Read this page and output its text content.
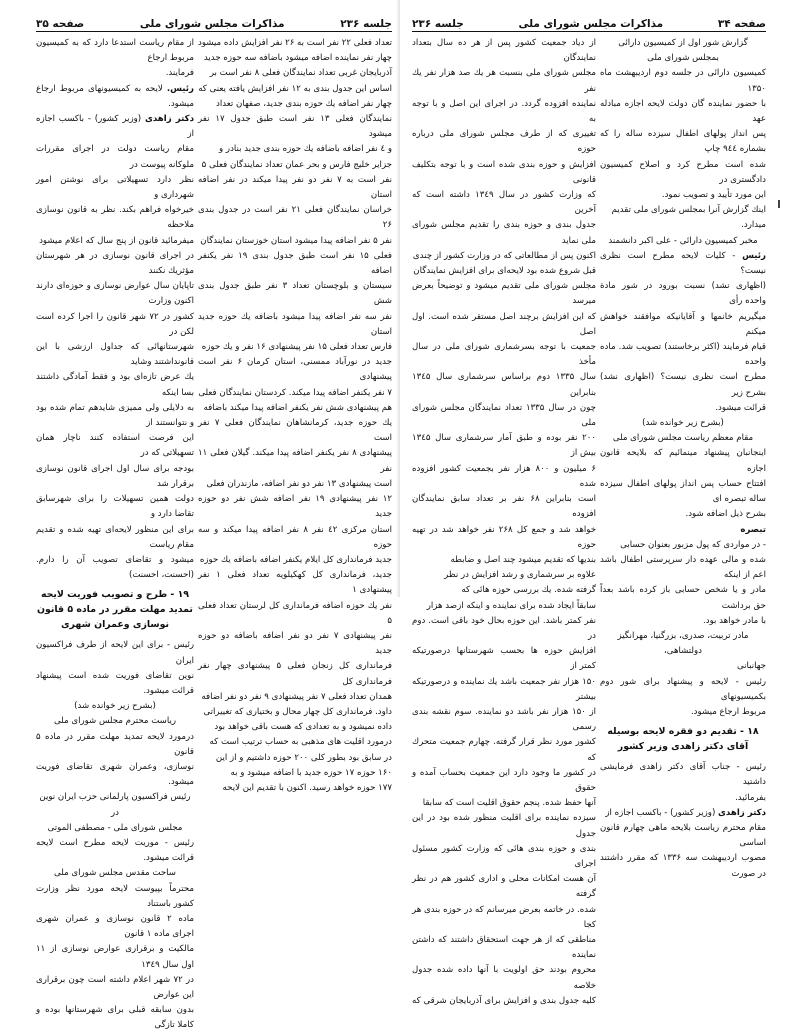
جلسه ۲۳۶
مذاکرات مجلس شورای ملی
صفحه ۳۵

تعداد فعلی ۲۲ نفر است به ۲۶ نفر افزایش داده میشود

چهار نفر نماینده اضافه میشود باضافه سه حوزه جدید

آذربایجان غربی تعداد نمایندگان فعلی ۸ نفر است بر

اساس این جدول بندی به ۱۲ نفر افزایش یافته یعنی که

چهار نفر اضافه یك حوزه بندی جدید، صفهان تعداد

نمایندگان فعلی ۱۳ نفر است طبق جدول ۱۷ نفر میشود

و ٤ نفر اضافه باضافه یك حوزه بندی جدید بنادر و

جزایر خلیج فارس و بحر عمان تعداد نمایندگان فعلی ۵

نفر است به ۷ نفر دو نفر پیدا میکند در نفر اضافه استان

خراسان نمایندگان فعلی ۲۱ نفر است در جدول بندی ۲۶

نفر ۵ نفر اضافه پیدا میشود استان خوزستان نمایندگان

فعلی ۱۵ نفر است طبق جدول بندی ۱۹ نفر یکنفر اضافه

سیستان و بلوچستان تعداد ۳ نفر طبق جدول بندی شش

نفر سه نفر اضافه پیدا میشود باضافه یك حوزه جدید استان

فارس تعداد فعلی ۱۵ نفر پیشنهادی ۱۶ نفر و یك حوزه

جدید در نورآباد ممسنی، استان کرمان ۶ نفر است پیشنهادی

۷ نفر یکنفر اضافه پیدا میکند. کردستان نمایندگان فعلی

هم پیشنهادی شش نفر یکنفر اضافه پیدا میکند باضافه

یك حوزه جدید، کرمانشاهان نمایندگان فعلی ۷ نفر است

پیشنهادی ۸ نفر یکنفر اضافه پیدا میکند. گیلان فعلی ۱۱ نفر

است پیشنهادی ۱۳ نفر دو نفر اضافه، مازندران فعلی

۱۲ نفر پیشنهادی ۱۹ نفر اضافه شش نفر دو حوزه جدید

استان مرکزی ٤۲ نفر ۸ نفر اضافه پیدا میکند و سه حوزه

جدید فرمانداری کل ایلام یکنفر اضافه باضافه یك حوزه

جدید، فرمانداری کل کهکیلویه تعداد فعلی ۱ نفر پیشنهادی ۱

نفر یك حوزه اضافه فرمانداری کل لرستان تعداد فعلی ۵

نفر پیشنهادی ۷ نفر دو نفر اضافه باضافه دو حوزه جدید

فرمانداری کل زنجان فعلی ۵ پیشنهادی چهار نفر فرمانداری کل

همدان تعداد فعلی ۷ نفر پیشنهادی ۹ نفر دو نفر اضافه

داود. فرمانداری کل چهار محال و بختیاری که تغییراتی

داده نمیشود و به تعدادی که هست باقی خواهد بود

درمورد اقلیت های مذهبی به حساب ترتیب است که

در سابق بود بطور کلی ۲۰۰ حوزه داشتیم و از این

۱۶۰ حوزه ۱۷ حوزه جدید با اضافه میشود و به

۱۷۷ حوزه خواهد رسید. اکنون با تقدیم این لایحه

از مقام ریاست استدعا دارد که به کمیسیون مربوط ارجاع

فرمایند.

رئیس. لایحه به کمیسیونهای مربوط ارجاع میشود.

دکتر زاهدی (وزیر کشور) - باکسب اجازه از

مقام ریاست دولت در اجرای مقررات ملوکانه پیوست در

نظر دارد تسهیلاتی برای نوشتن امور شهرداری و

خیرخواه فراهم بکند. نظر به قانون نوسازی ملاحظه

میفرمائید قانون از پنج سال که اعلام میشود

در اجرای قانون نوسازی در هر شهرستان مؤثریك نکنند

تاپایان سال عوارض نوسازی و حوزه‌ای دارند اکنون وزارت

کشور در ۷۲ شهر قانون را اجرا کرده است لکن در

شهرستانهائی که جداول ارزشی با این قانونداشتند وشاید

یك عرض تازه‌ای بود و فقط آمادگی داشتند بسا اینکه

به دلایلی ولی ممیزی شایدهم تمام شده بود و نتوانستند از

این فرصت استفاده کنند ناچار همان تسهیلاتی که در

بودجه برای سال اول اجرای قانون نوسازی برقرار شد

دولت همین تسهیلات را برای شهرسابق تقاضا دارد و

برای این منظور لایحه‌ای تهیه شده و تقدیم مقام ریاست

میشود و تقاضای تصویب آن را دارم. (احسنت، احسنت)

۱۹ - طرح و تصویب فوریت لایحه تمدید مهلت مقرر در ماده ۵ قانون نوسازی وعمران شهری

رئیس - برای این لایحه از طرف فراکسیون ایران

نوین تقاضای فوریت شده است پیشنهاد قرائت میشود.

(بشرح زیر خوانده شد)

ریاست محترم مجلس شورای ملی

درمورد لایحه تمدید مهلت مقرر در ماده ۵ قانون

نوسازی، وعمران شهری تقاضای فوریت میشود.

رئیس فراکسیون پارلمانی حزب ایران نوین در

مجلس شورای ملی - مصطفی الموتی

رئیس - موریت لایحه مطرح است لایحه قرائت میشود.

ساحت مقدس مجلس شورای ملی

محترماً بپیوست لایحه مورد نظر وزارت کشور باستناد

ماده ۲ قانون نوسازی و عمران شهری اجرای ماده ۱ قانون

مالکیت و برقراری عوارض نوسازی از ۱۱ اول سال ۱۳٤۹

در ۷۲ شهر اعلام داشته است چون برقراری این عوارض

بدون سابقه قبلی برای شهرستانها بوده و کاملا تازگی

صفحه ۳۴
مذاکرات مجلس شورای ملی
جلسه ۲۳۶

از دیاد جمعیت کشور پس از هر ده سال بتعداد نمایندگان

مجلس شورای ملی بنسبت هر یك صد هزار نفر یك نفر

نماینده افزوده گردد. در اجرای این اصل و با توجه به

تغییری که از طرف مجلس شورای ملی درباره حوزه

افزایش و حوزه بندی شده است و با توجه بتکلیف قانونی

که وزارت کشور در سال ۱۳٤۹ داشته است که آخرین

جدول بندی و حوزه بندی را تقدیم مجلس شورای ملی نماید

اکنون پس از مطالعاتی که در وزارت کشور از چندی

قبل شروع شده بود لایحه‌ای برای افزایش نمایندگان

مجلس شورای ملی تقدیم میشود و توضیحاً بعرض میرسد

که این افزایش برچند اصل مستقر شده است. اول اصل

جمعیت با توجه بسرشماری شورای ملی در سال مأخذ

سال ۱۳۳۵ دوم براساس سرشماری سال ۱۳٤۵ بنابراین

چون در سال ۱۳۳۵ تعداد نمایندگان مجلس شورای ملی

۲۰۰ نفر بوده و طبق آمار سرشماری سال ۱۳٤۵ بیش از

۶ میلیون و ۸۰۰ هزار نفر بجمعیت کشور افزوده شده

است بنابراین ۶۸ نفر بر تعداد سابق نمایندگان افزوده

خواهد شد و جمع کل ۲۶۸ نفر خواهد شد در تهیه حوزه

بندیها که تقدیم میشود چند اصل و ضابطه

علاوه بر سرشماری و رشد افزایش در نظر

گرفته شده. یك بررسی حوزه هائی که

سابقاً ایجاد شده برای نماینده و اینکه ازصد هزار

نفر کمتر باشد. این حوزه بحال خود باقی است. دوم در

افزایش حوزه ها بحسب شهرستانها درصورتیکه کمتر از

۱۵۰ هزار نفر جمعیت باشد یك نماینده و درصورتیکه بیشتر

از ۱۵۰ هزار نفر باشد دو نماینده. سوم نقشه بندی رسمی

کشور مورد نظر قرار گرفته. چهارم جمعیت متحرك که

در کشور ما وجود دارد این جمعیت بحساب آمده و حقوق

آنها حفظ شده. پنجم حقوق اقلیت است که سابقا

سیزده نماینده برای اقلیت منظور شده بود در این جدول

بندی و حوزه بندی هائی که وزارت کشور مسئول اجرای

آن هست امکانات محلی و اداری کشور هم در نظر گرفته

شده. در خاتمه بعرض میرسانم که در حوزه بندی هر کجا

مناطقی که از هر جهت استحقاق داشتند که داشتن نماینده

محروم بودند حق اولویت با آنها داده شده جدول خلاصه

کلیه جدول بندی و افزایش برای آذربایجان شرقی که

گزارش شور اول از کمیسیون دارائی

بمجلس شورای ملی

کمیسیون دارائی در جلسه دوم اردیبهشت ماه ۱۳۵۰

با حضور نماینده گان دولت لایحه اجازه مبادله عهد

پس انداز پولهای اطفال سیزده ساله را که بشماره ۹٤٤ چاپ

شده است مطرح کرد و اصلاح کمیسیون دادگستری در

این مورد تأیید و تصویب نمود.

اینك گزارش آنرا بمجلس شورای ملی تقدیم

میدارد.

مخبر کمیسیون دارائی - علی اکبر دانشمند

رئیس - کلیات لایحه مطرح است نظری نیست؟

(اظهاری نشد) نسبت بورود در شور مادة واحده رأی

میگیریم خانمها و آقایانیکه موافقند خواهش میکنم

قیام فرمایند (اکثر برخاستند) تصویب شد. ماده واحده

مطرح است نظری نیست؟ (اظهاری نشد) بشرح زیر

قرائت میشود.

(بشرح زیر خوانده شد)

مقام معظم ریاست مجلس شورای ملی

اینجانبان پیشنهاد مینمائیم که بلایحه قانون اجازه

افتتاح حساب پس انداز پولهای اطفال سیزده ساله تبصره ای

بشرح ذیل اضافه شود.

تبصره

- در مواردی که پول مزبور بعنوان حسابی

شده و مالی عهده دار سرپرستی اطفال باشد اعم از اینکه

مادر و یا شخص حسابی باز کرده باشد بعداً حق برداشت

با مادر خواهد بود.

مادر تربیت، صدری، بزرگنیا، مهرانگیز دولتشاهی،

جهانبانی

رئیس - لایحه و پیشنهاد برای شور دوم بکمیسیونهای

مربوط ارجاع میشود.

۱۸ - تقدیم دو فقره لایحه بوسیله آقای دکتر زاهدی وزیر کشور

رئیس - جناب آقای دکتر زاهدی فرمایشی داشتید

بفرمائید.

دکتر زاهدی (وزیر کشور) - باکسب اجازه از

مقام محترم ریاست بلایحه ماهی چهارم قانون اساسی

مصوب اردیبهشت سه ۱۳۳۶ که مقرر داشتند در صورت
